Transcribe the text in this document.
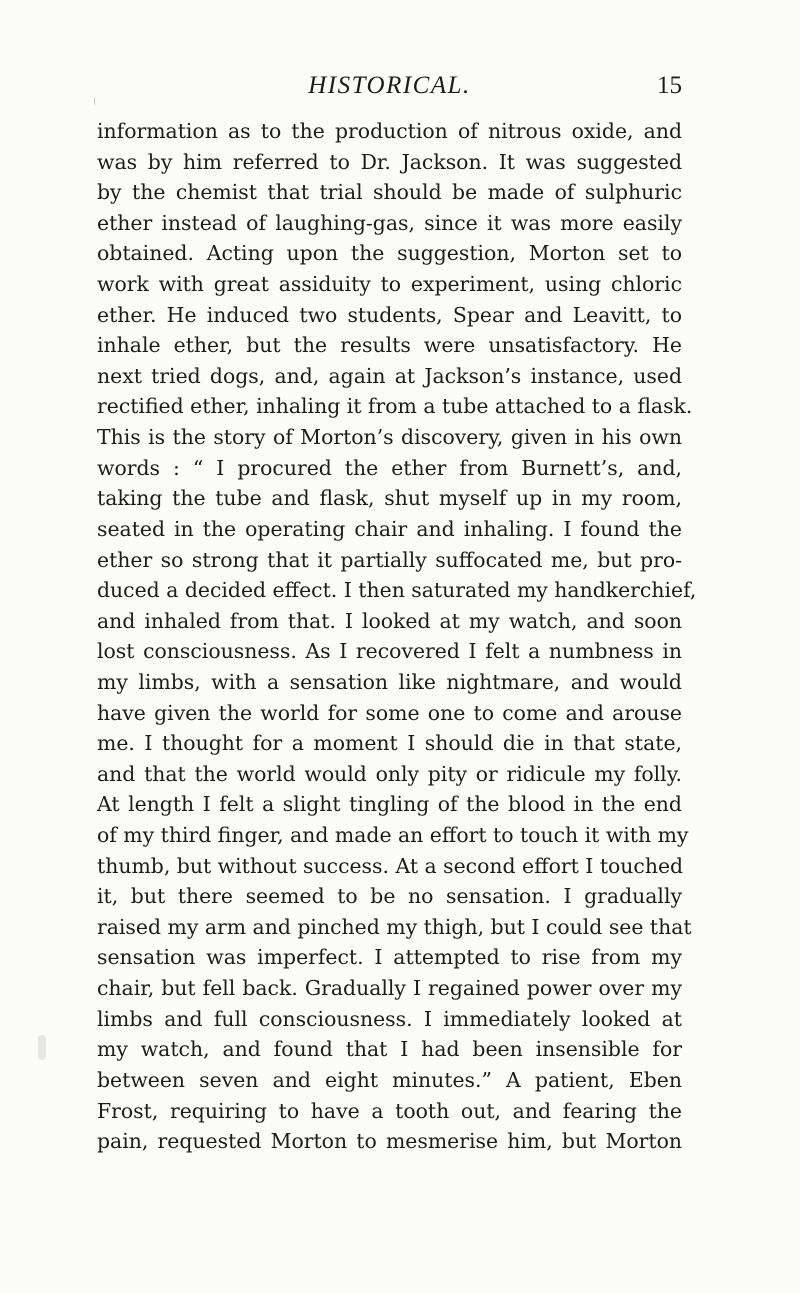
HISTORICAL.	15
information as to the production of nitrous oxide, and
was by him referred to Dr. Jackson. It was suggested
by the chemist that trial should be made of sulphuric
ether instead of laughing-gas, since it was more easily
obtained. Acting upon the suggestion, Morton set to
work with great assiduity to experiment, using chloric
ether. He induced two students, Spear and Leavitt, to
inhale ether, but the results were unsatisfactory. He
next tried dogs, and, again at Jackson’s instance, used
rectified ether, inhaling it from a tube attached to a flask.
This is the story of Morton’s discovery, given in his own
words : “ I procured the ether from Burnett’s, and,
taking the tube and flask, shut myself up in my room,
seated in the operating chair and inhaling. I found the
ether so strong that it partially suffocated me, but pro-
duced a decided effect. I then saturated my handkerchief,
and inhaled from that. I looked at my watch, and soon
lost consciousness. As I recovered I felt a numbness in
my limbs, with a sensation like nightmare, and would
have given the world for some one to come and arouse
me. I thought for a moment I should die in that state,
and that the world would only pity or ridicule my folly.
At length I felt a slight tingling of the blood in the end
of my third finger, and made an effort to touch it with my
thumb, but without success. At a second effort I touched
it, but there seemed to be no sensation. I gradually
raised my arm and pinched my thigh, but I could see that
sensation was imperfect. I attempted to rise from my
chair, but fell back. Gradually I regained power over my
limbs and full consciousness. I immediately looked at
my watch, and found that I had been insensible for
between seven and eight minutes.” A patient, Eben
Frost, requiring to have a tooth out, and fearing the
pain, requested Morton to mesmerise him, but Morton
